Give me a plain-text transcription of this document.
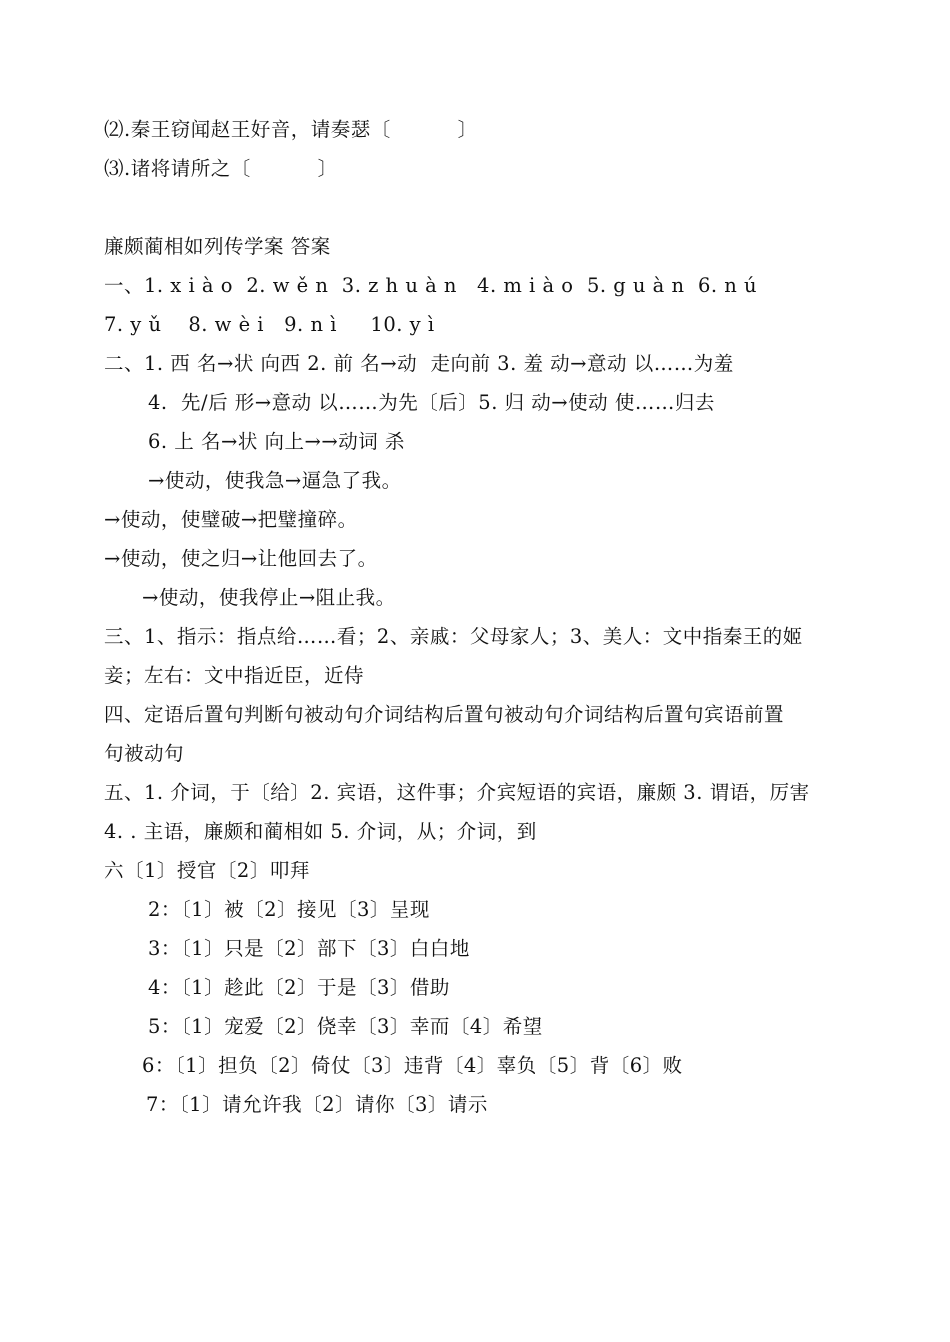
⑵.秦王窃闻赵王好音，请奏瑟〔          〕
⑶.诸将请所之〔          〕
廉颇蔺相如列传学案 答案
一、1. x i à o  2. w ě n  3. z h u à n   4. m i à o  5. g u à n  6. n ú
7. y ǔ    8. w è i   9. n ì     10. y ì
二、1. 西 名→状 向西 2. 前 名→动  走向前 3. 羞 动→意动 以……为羞
4.  先/后 形→意动 以……为先〔后〕5. 归 动→使动 使……归去
6. 上 名→状 向上→→动词 杀
→使动，使我急→逼急了我。
→使动，使璧破→把璧撞碎。
→使动，使之归→让他回去了。
→使动，使我停止→阻止我。
三、1、指示：指点给……看；2、亲戚：父母家人；3、美人：文中指秦王的姬
妾；左右：文中指近臣，近侍
四、定语后置句判断句被动句介词结构后置句被动句介词结构后置句宾语前置
句被动句
五、1. 介词，于〔给〕2. 宾语，这件事；介宾短语的宾语，廉颇 3. 谓语，厉害
4. . 主语，廉颇和蔺相如 5. 介词，从；介词，到
六〔1〕授官〔2〕叩拜
2：〔1〕被〔2〕接见〔3〕呈现
3：〔1〕只是〔2〕部下〔3〕白白地
4：〔1〕趁此〔2〕于是〔3〕借助
5：〔1〕宠爱〔2〕侥幸〔3〕幸而〔4〕希望
6：〔1〕担负〔2〕倚仗〔3〕违背〔4〕辜负〔5〕背〔6〕败
7：〔1〕请允许我〔2〕请你〔3〕请示
